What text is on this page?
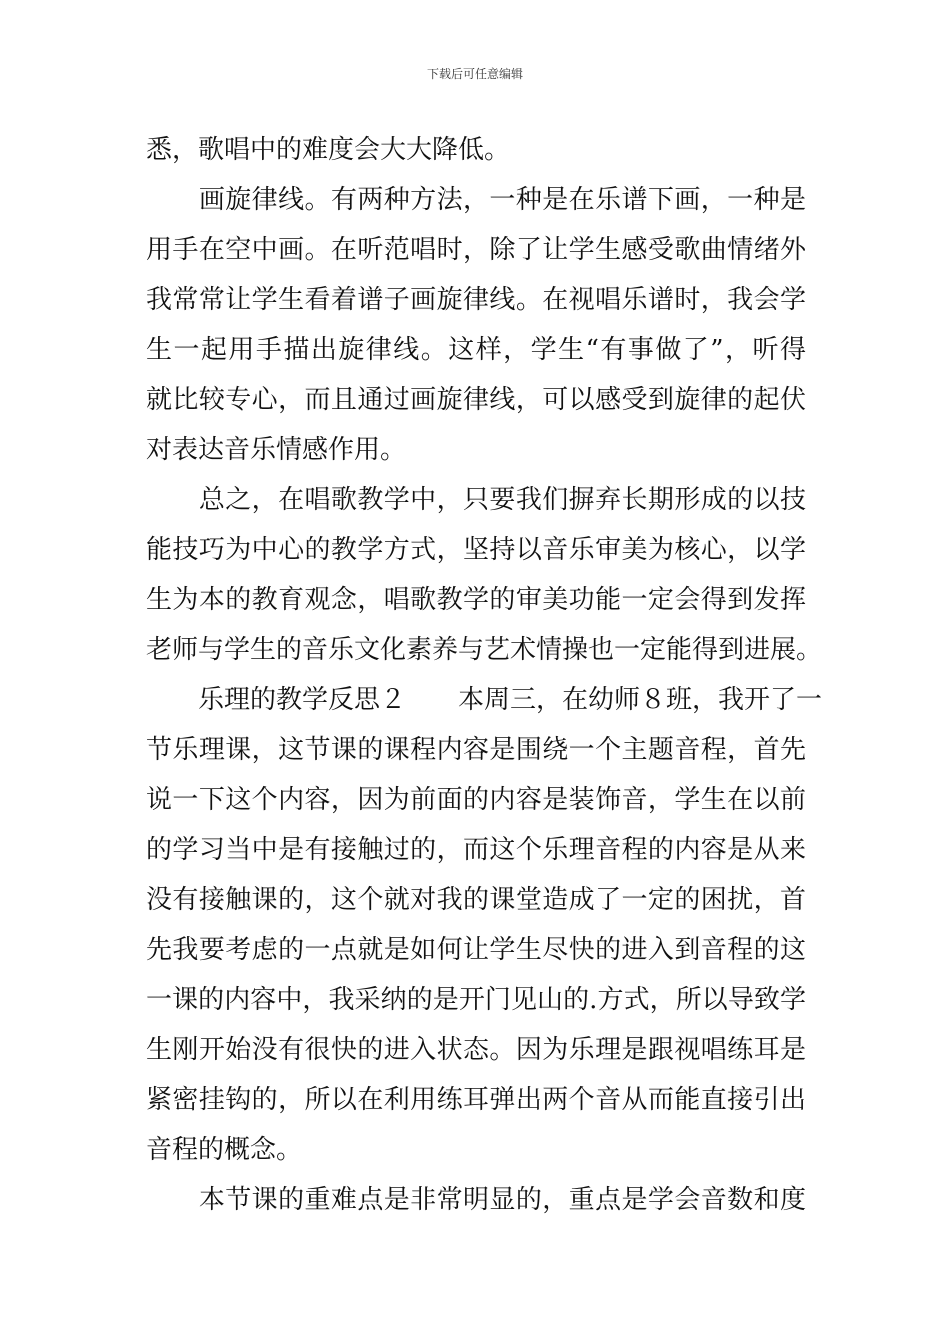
下载后可任意编辑
悉，歌唱中的难度会大大降低。
　　画旋律线。有两种方法，一种是在乐谱下画，一种是
用手在空中画。在听范唱时，除了让学生感受歌曲情绪外
我常常让学生看着谱子画旋律线。在视唱乐谱时，我会学
生一起用手描出旋律线。这样，学生“有事做了”，听得
就比较专心，而且通过画旋律线，可以感受到旋律的起伏
对表达音乐情感作用。
　　总之，在唱歌教学中，只要我们摒弃长期形成的以技
能技巧为中心的教学方式，坚持以音乐审美为核心，以学
生为本的教育观念，唱歌教学的审美功能一定会得到发挥
老师与学生的音乐文化素养与艺术情操也一定能得到进展。
　　乐理的教学反思２　　本周三，在幼师８班，我开了一
节乐理课，这节课的课程内容是围绕一个主题音程，首先
说一下这个内容，因为前面的内容是装饰音，学生在以前
的学习当中是有接触过的，而这个乐理音程的内容是从来
没有接触课的，这个就对我的课堂造成了一定的困扰，首
先我要考虑的一点就是如何让学生尽快的进入到音程的这
一课的内容中，我采纳的是开门见山的.方式，所以导致学
生刚开始没有很快的进入状态。因为乐理是跟视唱练耳是
紧密挂钩的，所以在利用练耳弹出两个音从而能直接引出
音程的概念。
　　本节课的重难点是非常明显的，重点是学会音数和度
